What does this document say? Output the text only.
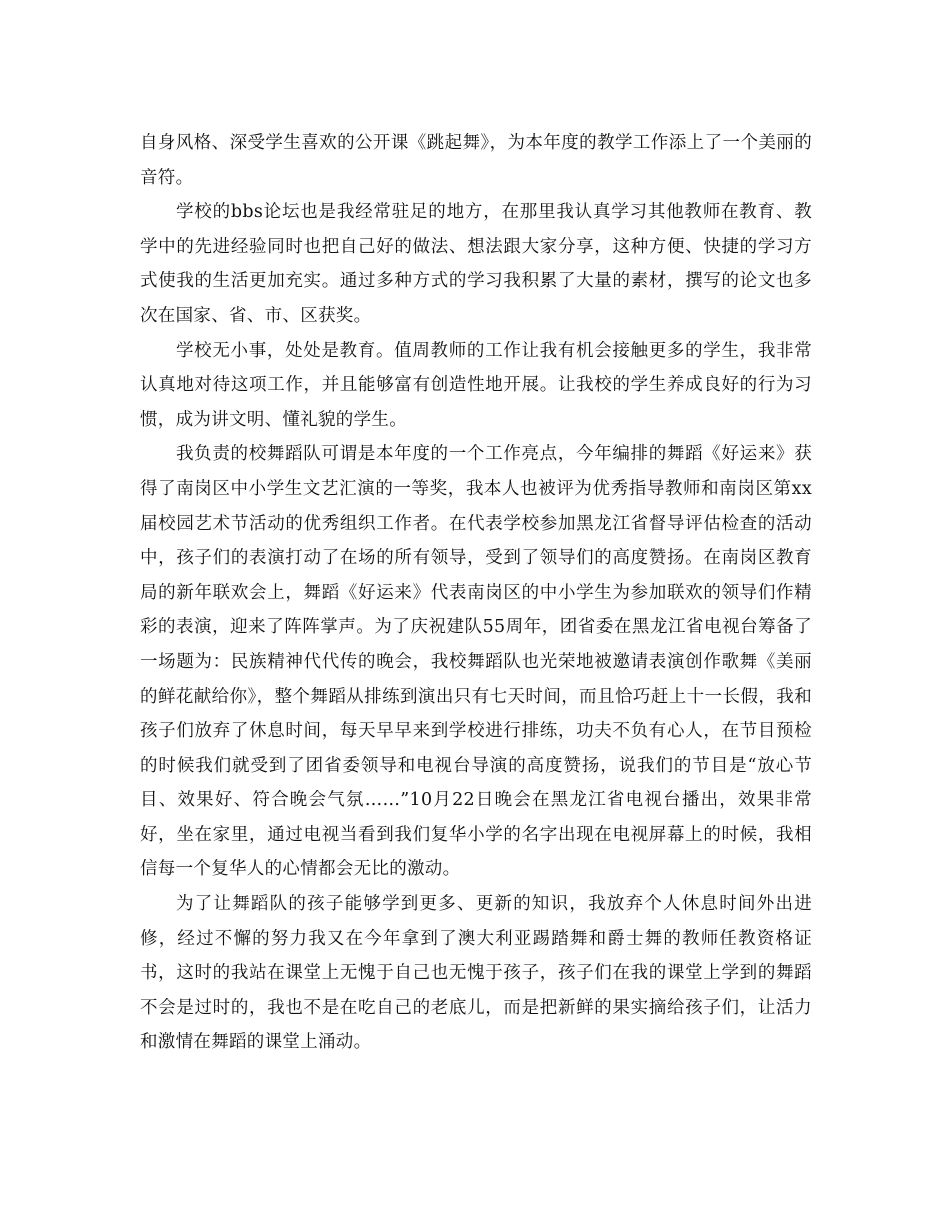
自身风格、深受学生喜欢的公开课《跳起舞》，为本年度的教学工作添上了一个美丽的音符。

学校的bbs论坛也是我经常驻足的地方，在那里我认真学习其他教师在教育、教学中的先进经验同时也把自己好的做法、想法跟大家分享，这种方便、快捷的学习方式使我的生活更加充实。通过多种方式的学习我积累了大量的素材，撰写的论文也多次在国家、省、市、区获奖。

学校无小事，处处是教育。值周教师的工作让我有机会接触更多的学生，我非常认真地对待这项工作，并且能够富有创造性地开展。让我校的学生养成良好的行为习惯，成为讲文明、懂礼貌的学生。

我负责的校舞蹈队可谓是本年度的一个工作亮点，今年编排的舞蹈《好运来》获得了南岗区中小学生文艺汇演的一等奖，我本人也被评为优秀指导教师和南岗区第xx届校园艺术节活动的优秀组织工作者。在代表学校参加黑龙江省督导评估检查的活动中，孩子们的表演打动了在场的所有领导，受到了领导们的高度赞扬。在南岗区教育局的新年联欢会上，舞蹈《好运来》代表南岗区的中小学生为参加联欢的领导们作精彩的表演，迎来了阵阵掌声。为了庆祝建队55周年，团省委在黑龙江省电视台筹备了一场题为：民族精神代代传的晚会，我校舞蹈队也光荣地被邀请表演创作歌舞《美丽的鲜花献给你》，整个舞蹈从排练到演出只有七天时间，而且恰巧赶上十一长假，我和孩子们放弃了休息时间，每天早早来到学校进行排练，功夫不负有心人，在节目预检的时候我们就受到了团省委领导和电视台导演的高度赞扬，说我们的节目是“放心节目、效果好、符合晚会气氛……”10月22日晚会在黑龙江省电视台播出，效果非常好，坐在家里，通过电视当看到我们复华小学的名字出现在电视屏幕上的时候，我相信每一个复华人的心情都会无比的激动。

为了让舞蹈队的孩子能够学到更多、更新的知识，我放弃个人休息时间外出进修，经过不懈的努力我又在今年拿到了澳大利亚踢踏舞和爵士舞的教师任教资格证书，这时的我站在课堂上无愧于自己也无愧于孩子，孩子们在我的课堂上学到的舞蹈不会是过时的，我也不是在吃自己的老底儿，而是把新鲜的果实摘给孩子们，让活力和激情在舞蹈的课堂上涌动。
